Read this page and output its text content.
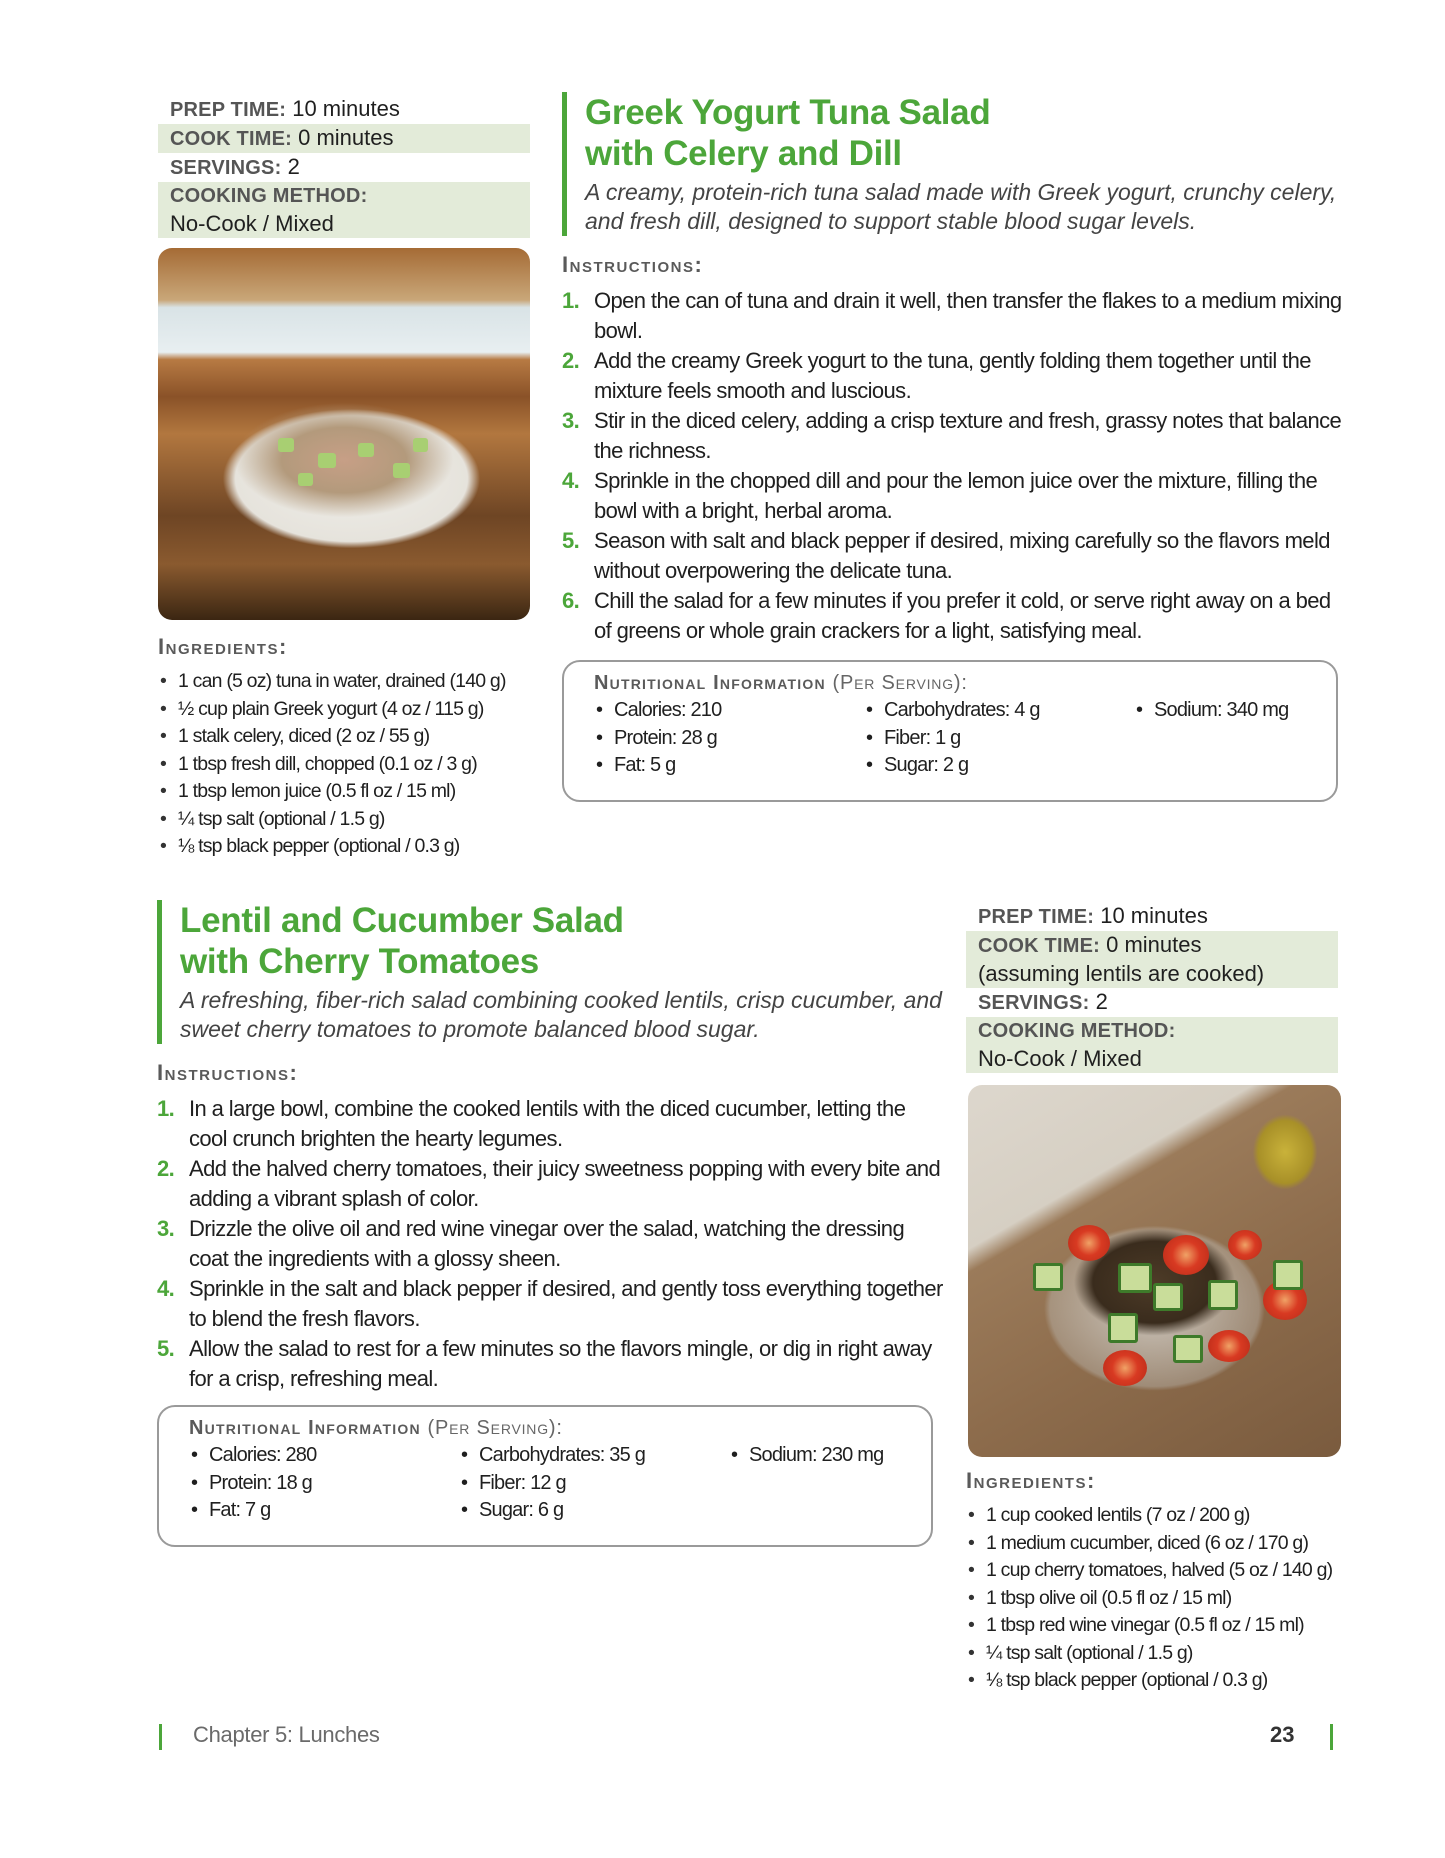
PREP TIME: 10 minutes
COOK TIME: 0 minutes
SERVINGS: 2
COOKING METHOD:
No-Cook / Mixed
Greek Yogurt Tuna Salad
with Celery and Dill

A creamy, protein-rich tuna salad made with Greek yogurt, crunchy celery, and fresh dill, designed to support stable blood sugar levels.

Instructions:
1. Open the can of tuna and drain it well, then transfer the flakes to a medium mixing bowl.
2. Add the creamy Greek yogurt to the tuna, gently folding them together until the mixture feels smooth and luscious.
3. Stir in the diced celery, adding a crisp texture and fresh, grassy notes that balance the richness.
4. Sprinkle in the chopped dill and pour the lemon juice over the mixture, filling the bowl with a bright, herbal aroma.
5. Season with salt and black pepper if desired, mixing carefully so the flavors meld without overpowering the delicate tuna.
6. Chill the salad for a few minutes if you prefer it cold, or serve right away on a bed of greens or whole grain crackers for a light, satisfying meal.
Ingredients:
• 1 can (5 oz) tuna in water, drained (140 g)
• ½ cup plain Greek yogurt (4 oz / 115 g)
• 1 stalk celery, diced (2 oz / 55 g)
• 1 tbsp fresh dill, chopped (0.1 oz / 3 g)
• 1 tbsp lemon juice (0.5 fl oz / 15 ml)
• ¼ tsp salt (optional / 1.5 g)
• ⅛ tsp black pepper (optional / 0.3 g)
Nutritional Information (Per Serving):
• Calories: 210
• Protein: 28 g
• Fat: 5 g
• Carbohydrates: 4 g
• Fiber: 1 g
• Sugar: 2 g
• Sodium: 340 mg
Lentil and Cucumber Salad
with Cherry Tomatoes

A refreshing, fiber-rich salad combining cooked lentils, crisp cucumber, and sweet cherry tomatoes to promote balanced blood sugar.

Instructions:
1. In a large bowl, combine the cooked lentils with the diced cucumber, letting the cool crunch brighten the hearty legumes.
2. Add the halved cherry tomatoes, their juicy sweetness popping with every bite and adding a vibrant splash of color.
3. Drizzle the olive oil and red wine vinegar over the salad, watching the dressing coat the ingredients with a glossy sheen.
4. Sprinkle in the salt and black pepper if desired, and gently toss everything together to blend the fresh flavors.
5. Allow the salad to rest for a few minutes so the flavors mingle, or dig in right away for a crisp, refreshing meal.
Nutritional Information (Per Serving):
• Calories: 280
• Protein: 18 g
• Fat: 7 g
• Carbohydrates: 35 g
• Fiber: 12 g
• Sugar: 6 g
• Sodium: 230 mg
PREP TIME: 10 minutes
COOK TIME: 0 minutes
(assuming lentils are cooked)
SERVINGS: 2
COOKING METHOD:
No-Cook / Mixed
Ingredients:
• 1 cup cooked lentils (7 oz / 200 g)
• 1 medium cucumber, diced (6 oz / 170 g)
• 1 cup cherry tomatoes, halved (5 oz / 140 g)
• 1 tbsp olive oil (0.5 fl oz / 15 ml)
• 1 tbsp red wine vinegar (0.5 fl oz / 15 ml)
• ¼ tsp salt (optional / 1.5 g)
• ⅛ tsp black pepper (optional / 0.3 g)
Chapter 5: Lunches	23
